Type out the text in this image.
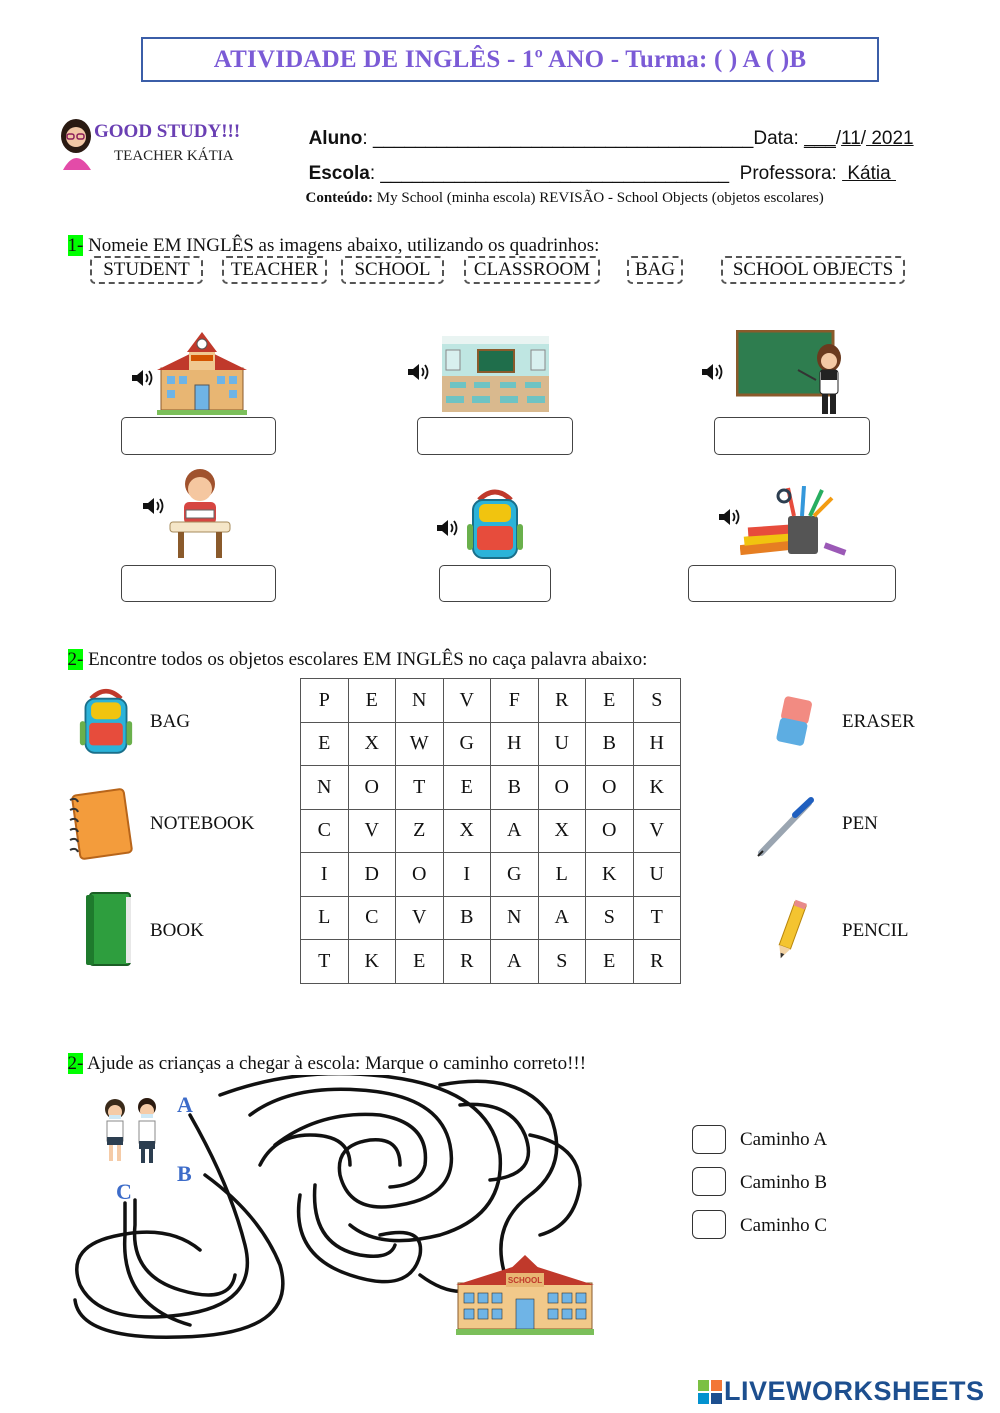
ATIVIDADE DE INGLÊS - 1º ANO - Turma: ( ) A ( )B
GOOD STUDY!!!
TEACHER KÁTIA

Aluno: ____________________________________Data: ___/11/ 2021

Escola: _________________________________ Professora:  Kátia

Conteúdo: My School (minha escola) REVISÃO - School Objects (objetos escolares)

1- Nomeie EM INGLÊS as imagens abaixo, utilizando os quadrinhos:

STUDENT	TEACHER	SCHOOL	CLASSROOM	BAG	SCHOOL OBJECTS

2- Encontre todos os objetos escolares EM INGLÊS no caça palavra abaixo:

BAG
NOTEBOOK
BOOK
P	E	N	V	F	R	E	S
E	X	W	G	H	U	B	H
N	O	T	E	B	O	O	K
C	V	Z	X	A	X	O	V
I	D	O	I	G	L	K	U
L	C	V	B	N	A	S	T
T	K	E	R	A	S	E	R
ERASER
PEN
PENCIL

2- Ajude as crianças a chegar à escola: Marque o caminho correto!!!

A
B
C
SCHOOL
Caminho A
Caminho B
Caminho C
LIVEWORKSHEETS
